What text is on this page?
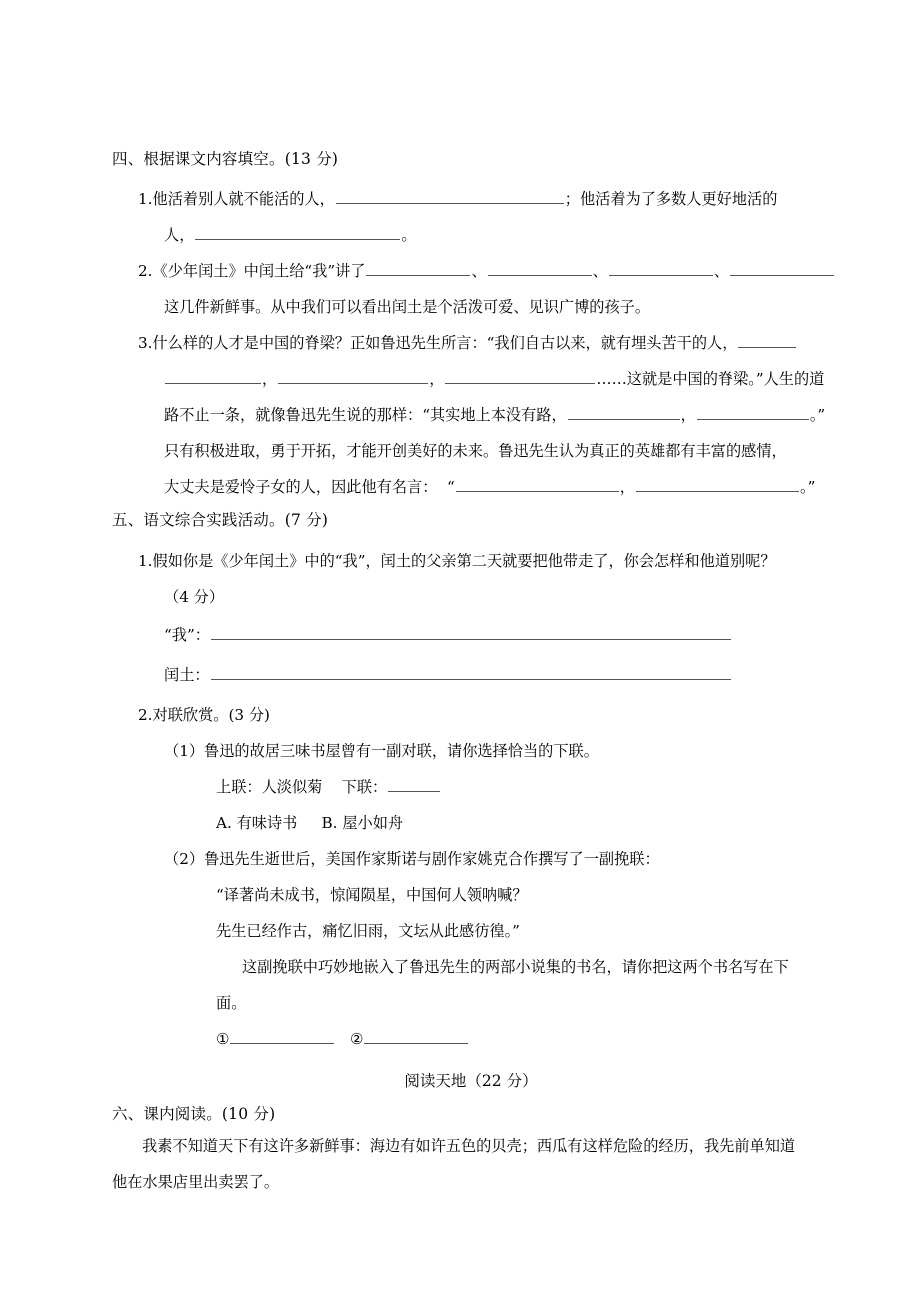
四、根据课文内容填空。(13 分)
1.他活着别人就不能活的人，	；他活着为了多数人更好地活的
人，	。
2.《少年闰土》中闰土给“我”讲了	、	、	、
这几件新鲜事。从中我们可以看出闰土是个活泼可爱、见识广博的孩子。
3.什么样的人才是中国的脊梁？正如鲁迅先生所言：“我们自古以来，就有埋头苦干的人，
，	，	……这就是中国的脊梁。”人生的道
路不止一条，就像鲁迅先生说的那样：“其实地上本没有路，	，	。”
只有积极进取，勇于开拓，才能开创美好的未来。鲁迅先生认为真正的英雄都有丰富的感情，
大丈夫是爱怜子女的人，因此他有名言： “	，	。”
五、语文综合实践活动。(7 分)
1.假如你是《少年闰土》中的“我”，闰土的父亲第二天就要把他带走了，你会怎样和他道别呢？
（4 分）
“我”：
闰土：
2.对联欣赏。(3 分)
（1）鲁迅的故居三味书屋曾有一副对联，请你选择恰当的下联。
上联：人淡似菊 下联：
A. 有味诗书 B. 屋小如舟
（2）鲁迅先生逝世后，美国作家斯诺与剧作家姚克合作撰写了一副挽联：
“译著尚未成书，惊闻陨星，中国何人领呐喊？
先生已经作古，痛忆旧雨，文坛从此感彷徨。”
这副挽联中巧妙地嵌入了鲁迅先生的两部小说集的书名，请你把这两个书名写在下
面。
①	②
阅读天地（22 分）
六、课内阅读。(10 分)
我素不知道天下有这许多新鲜事：海边有如许五色的贝壳；西瓜有这样危险的经历，我先前单知道
他在水果店里出卖罢了。
